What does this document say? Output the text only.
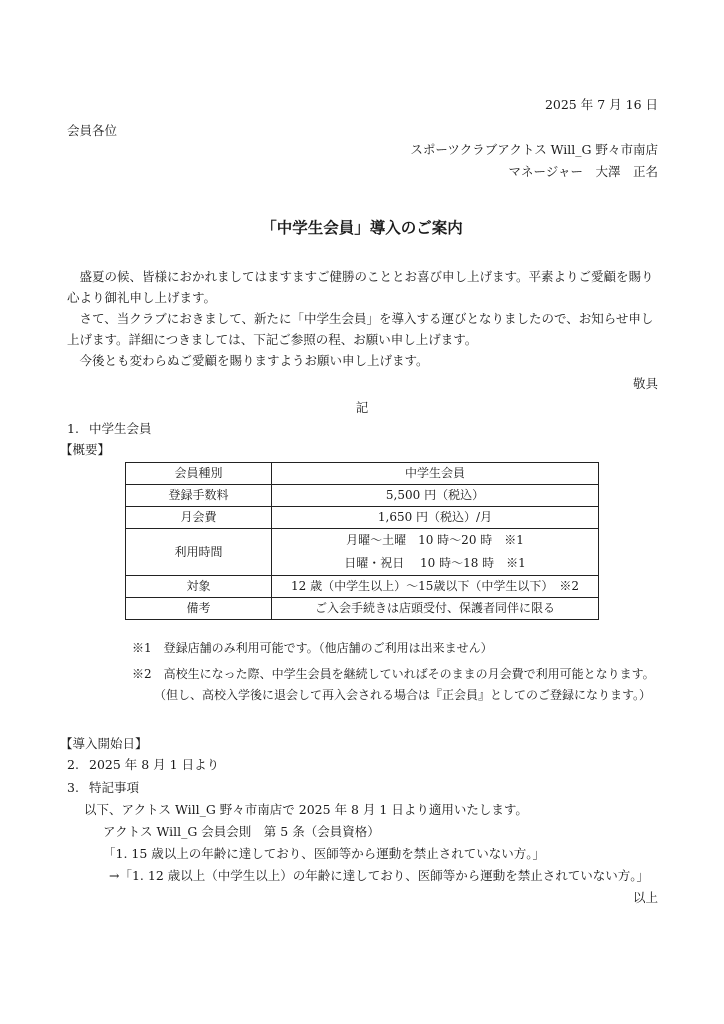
2025 年 7 月 16 日
会員各位
スポーツクラブアクトス Will_G 野々市南店
マネージャー　大澤　正名
「中学生会員」導入のご案内

盛夏の候、皆様におかれましてはますますご健勝のこととお喜び申し上げます。平素よりご愛顧を賜り心より御礼申し上げます。

さて、当クラブにおきまして、新たに「中学生会員」を導入する運びとなりましたので、お知らせ申し上げます。詳細につきましては、下記ご参照の程、お願い申し上げます。

今後とも変わらぬご愛顧を賜りますようお願い申し上げます。

敬具
記
1. 中学生会員
【概要】
会員種別	中学生会員
登録手数料	5,500 円（税込）
月会費	1,650 円（税込）/月
利用時間	月曜～土曜　10 時～20 時　※1
日曜・祝日　 10 時～18 時　※1

対象	12 歳（中学生以上）～15歳以下（中学生以下）　※2
備考	ご入会手続きは店頭受付、保護者同伴に限る
※1　登録店舗のみ利用可能です。（他店舗のご利用は出来ません）
※2　高校生になった際、中学生会員を継続していればそのままの月会費で利用可能となります。
（但し、高校入学後に退会して再入会される場合は『正会員』としてのご登録になります。）
【導入開始日】
2. 2025 年 8 月 1 日より
3. 特記事項
以下、アクトス Will_G 野々市南店で 2025 年 8 月 1 日より適用いたします。
アクトス Will_G 会員会則　第 5 条（会員資格）
「1. 15 歳以上の年齢に達しており、医師等から運動を禁止されていない方。」
→「1. 12 歳以上（中学生以上）の年齢に達しており、医師等から運動を禁止されていない方。」
以上
